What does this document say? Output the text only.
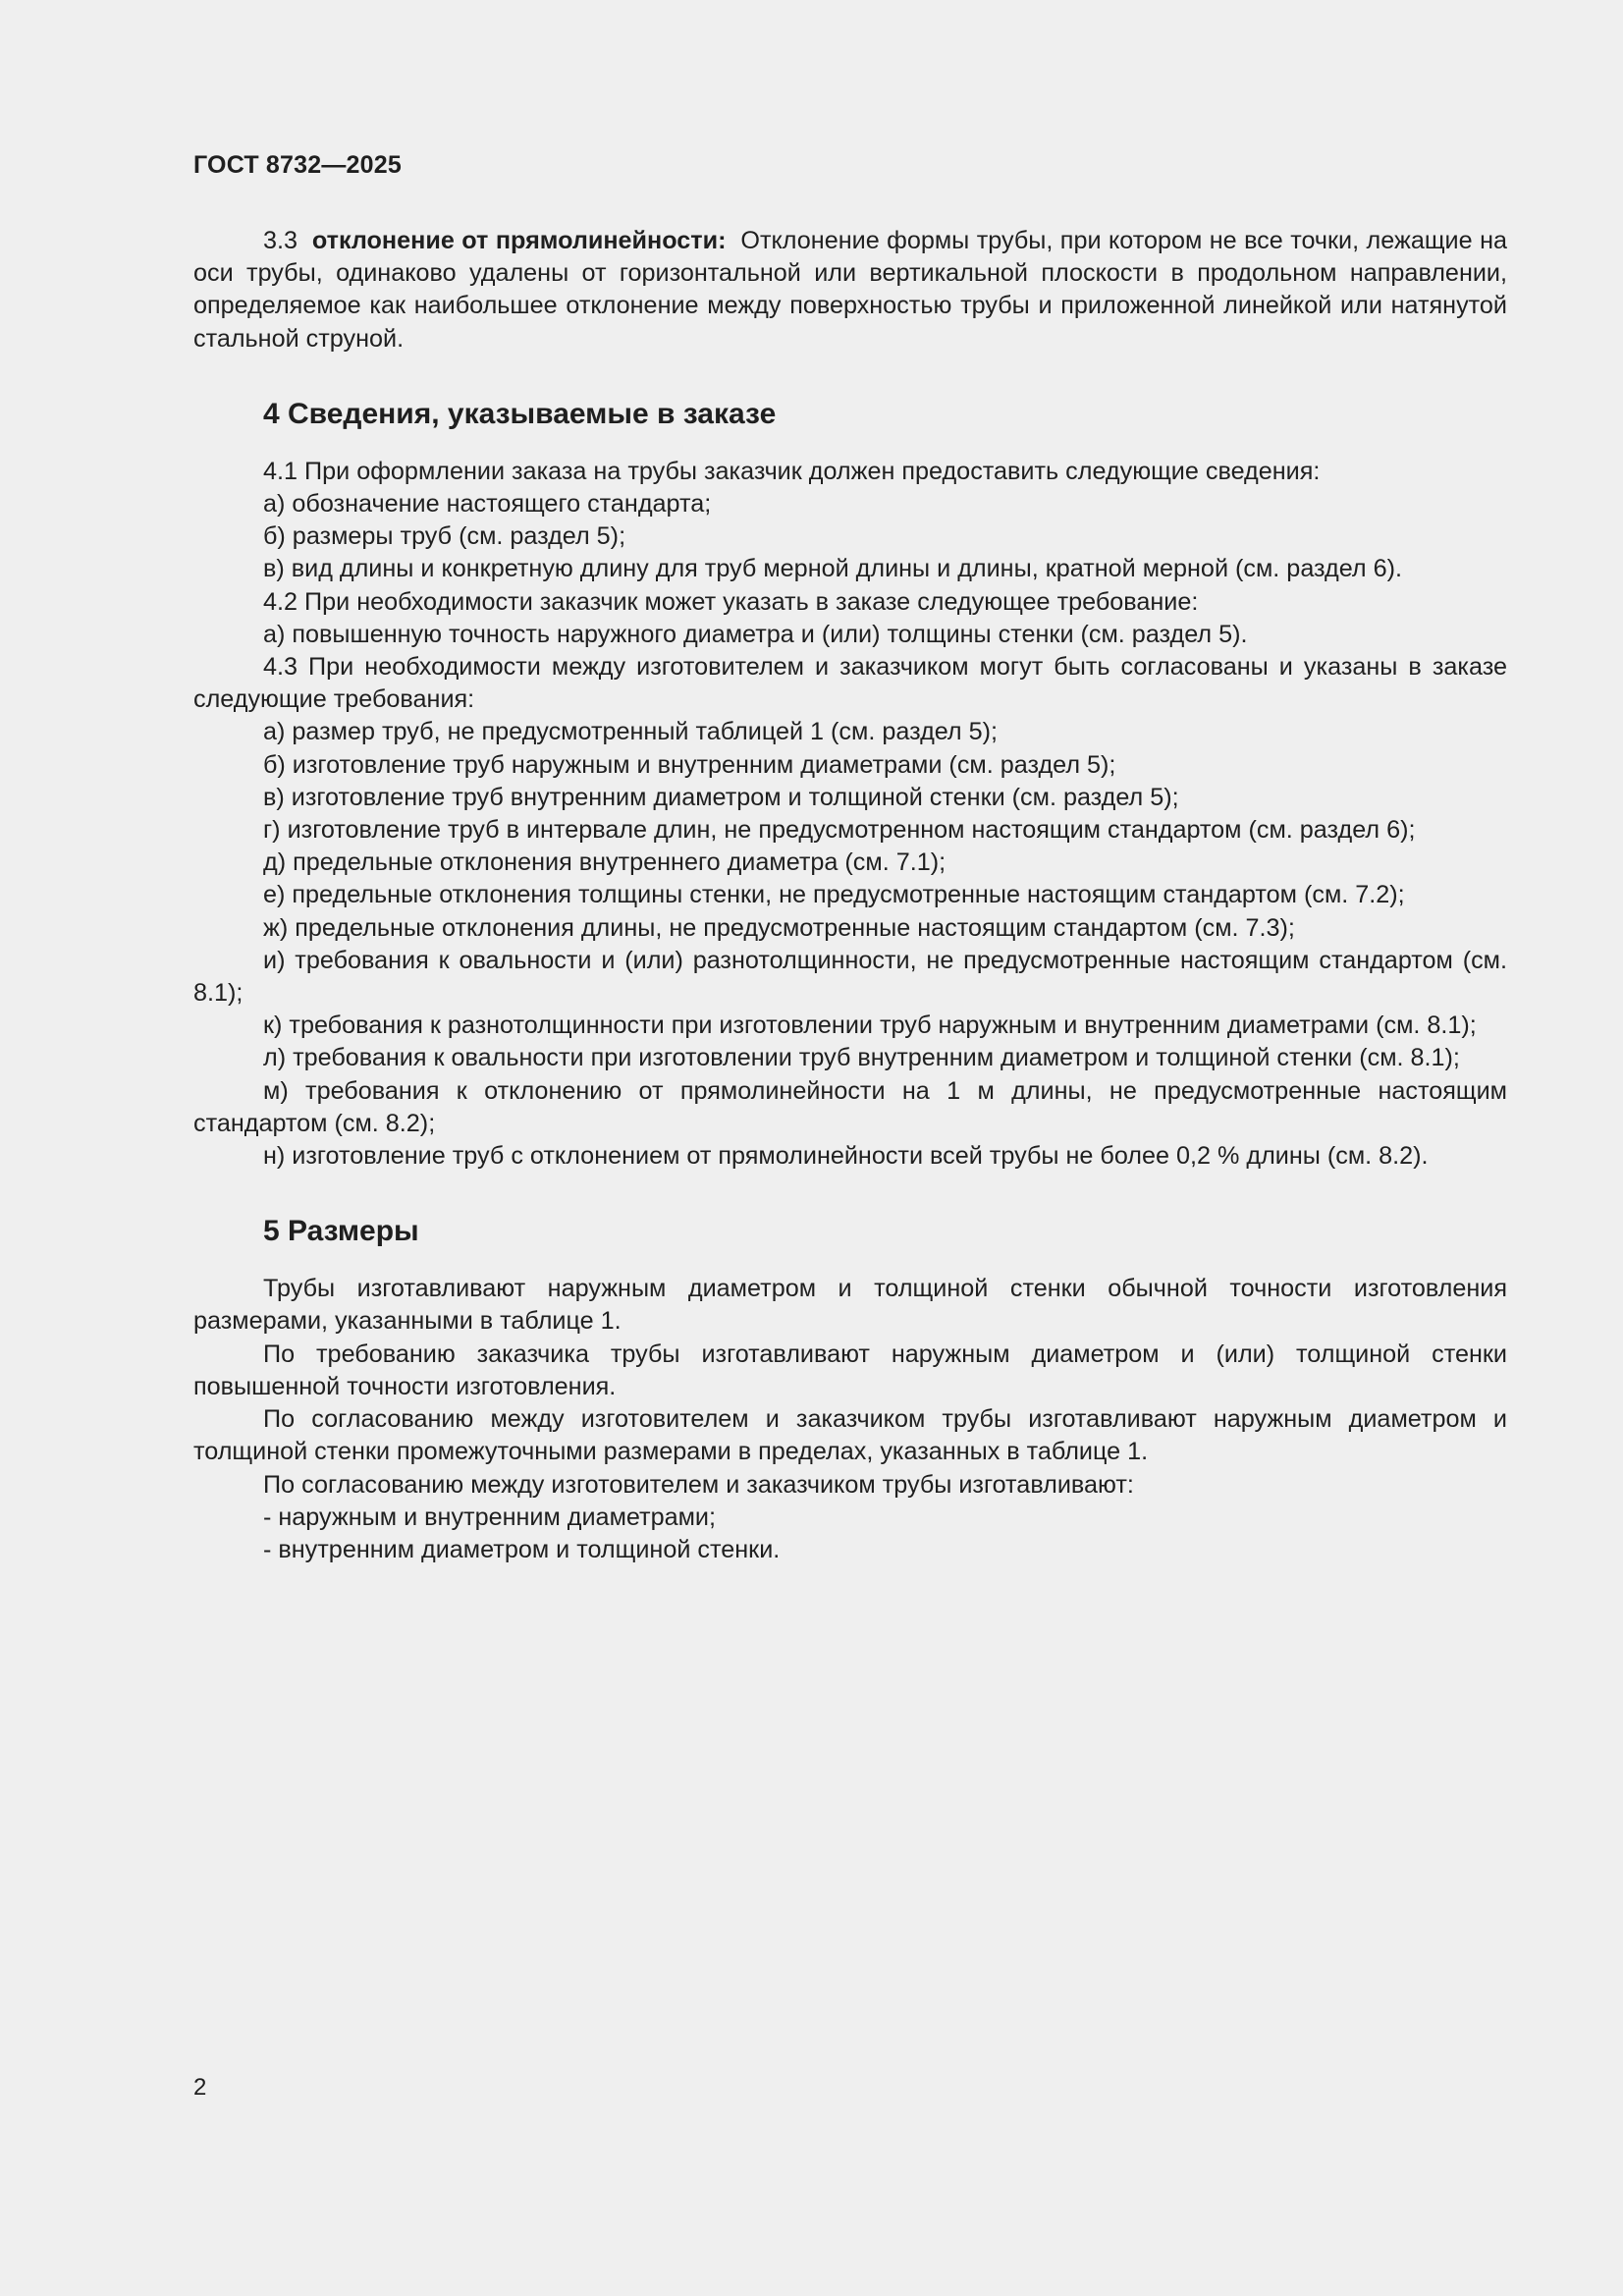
ГОСТ 8732—2025

3.3 отклонение от прямолинейности: Отклонение формы трубы, при котором не все точки, лежащие на оси трубы, одинаково удалены от горизонтальной или вертикальной плоскости в продольном направлении, определяемое как наибольшее отклонение между поверхностью трубы и приложенной линейкой или натянутой стальной струной.

4 Сведения, указываемые в заказе

4.1 При оформлении заказа на трубы заказчик должен предоставить следующие сведения:

а) обозначение настоящего стандарта;

б) размеры труб (см. раздел 5);

в) вид длины и конкретную длину для труб мерной длины и длины, кратной мерной (см. раздел 6).

4.2 При необходимости заказчик может указать в заказе следующее требование:

а) повышенную точность наружного диаметра и (или) толщины стенки (см. раздел 5).

4.3 При необходимости между изготовителем и заказчиком могут быть согласованы и указаны в заказе следующие требования:

а) размер труб, не предусмотренный таблицей 1 (см. раздел 5);

б) изготовление труб наружным и внутренним диаметрами (см. раздел 5);

в) изготовление труб внутренним диаметром и толщиной стенки (см. раздел 5);

г) изготовление труб в интервале длин, не предусмотренном настоящим стандартом (см. раздел 6);

д) предельные отклонения внутреннего диаметра (см. 7.1);

е) предельные отклонения толщины стенки, не предусмотренные настоящим стандартом (см. 7.2);

ж) предельные отклонения длины, не предусмотренные настоящим стандартом (см. 7.3);

и) требования к овальности и (или) разнотолщинности, не предусмотренные настоящим стандартом (см. 8.1);

к) требования к разнотолщинности при изготовлении труб наружным и внутренним диаметрами (см. 8.1);

л) требования к овальности при изготовлении труб внутренним диаметром и толщиной стенки (см. 8.1);

м) требования к отклонению от прямолинейности на 1 м длины, не предусмотренные настоящим стандартом (см. 8.2);

н) изготовление труб с отклонением от прямолинейности всей трубы не более 0,2 % длины (см. 8.2).

5 Размеры

Трубы изготавливают наружным диаметром и толщиной стенки обычной точности изготовления размерами, указанными в таблице 1.

По требованию заказчика трубы изготавливают наружным диаметром и (или) толщиной стенки повышенной точности изготовления.

По согласованию между изготовителем и заказчиком трубы изготавливают наружным диаметром и толщиной стенки промежуточными размерами в пределах, указанных в таблице 1.

По согласованию между изготовителем и заказчиком трубы изготавливают:

- наружным и внутренним диаметрами;

- внутренним диаметром и толщиной стенки.

2
